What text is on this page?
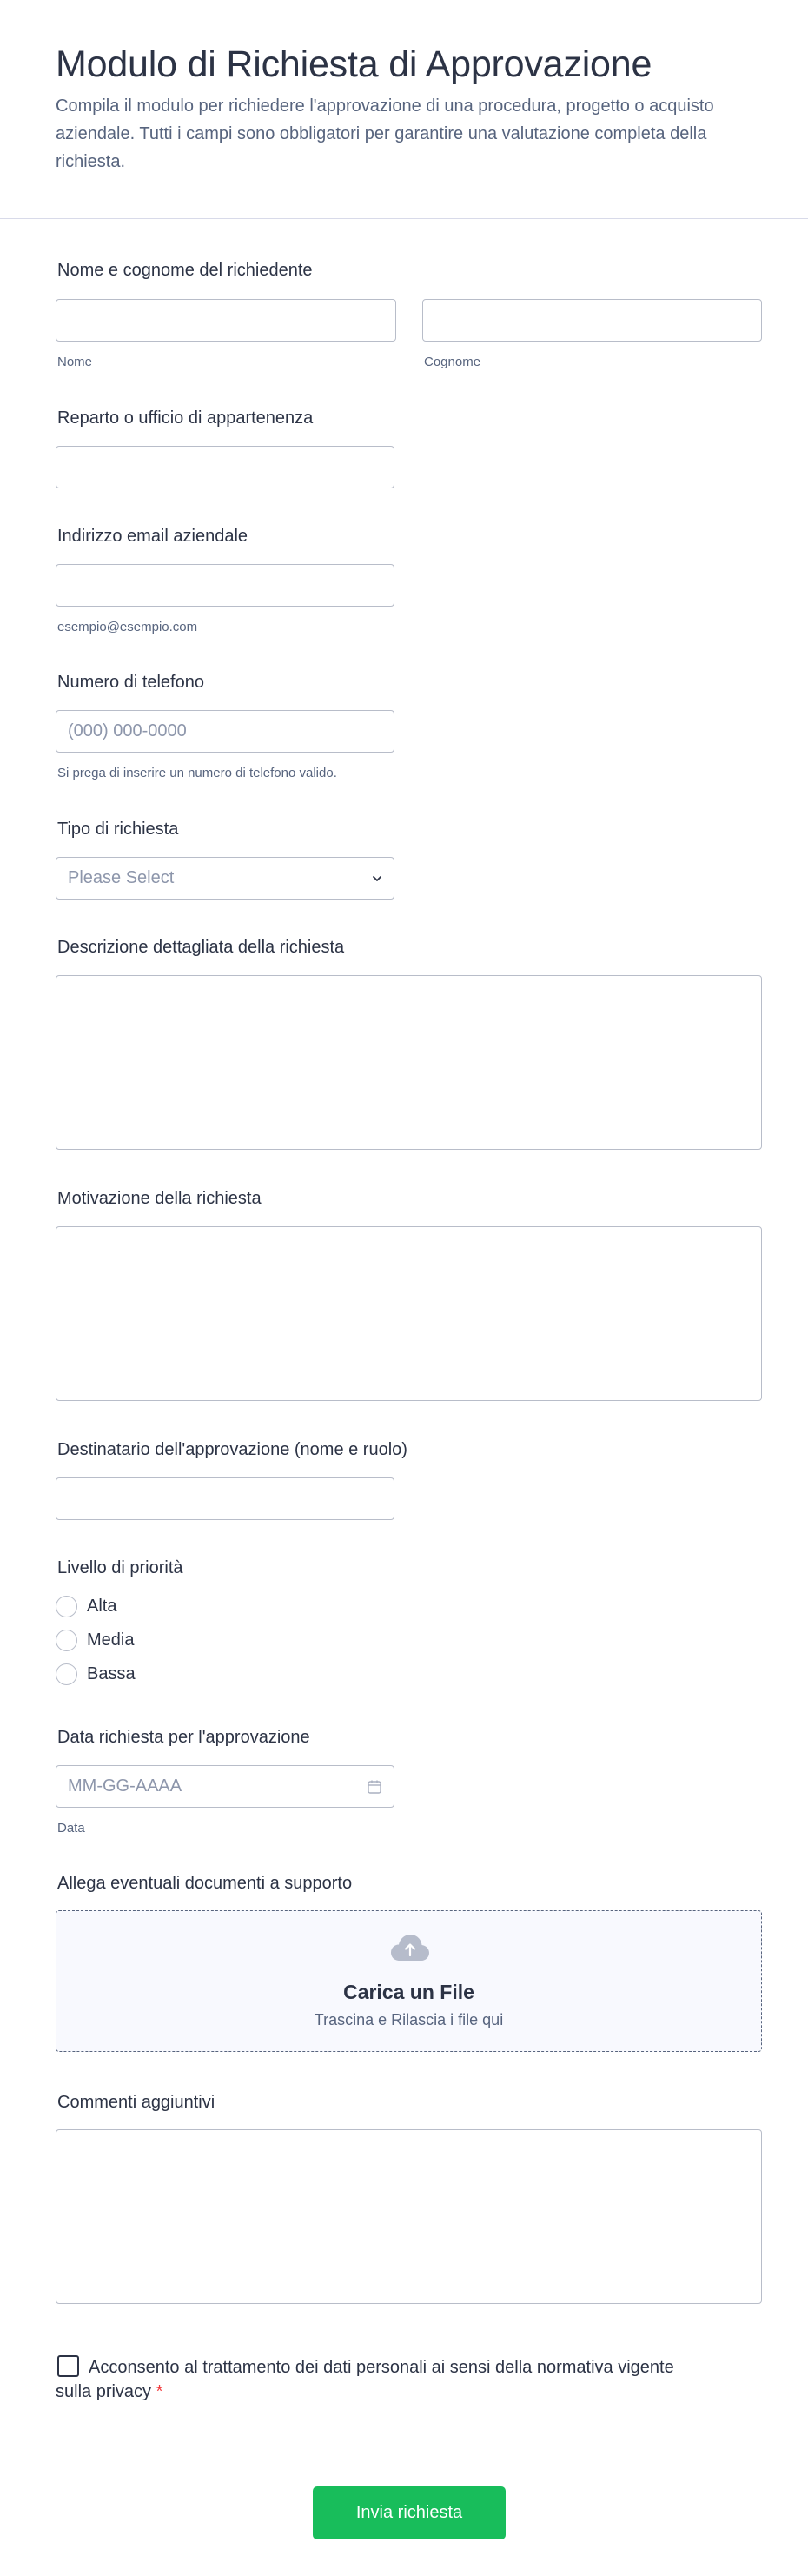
Modulo di Richiesta di Approvazione
Compila il modulo per richiedere l'approvazione di una procedura, progetto o acquisto aziendale. Tutti i campi sono obbligatori per garantire una valutazione completa della richiesta.
Nome e cognome del richiedente
Nome	Cognome
Reparto o ufficio di appartenenza
Indirizzo email aziendale
esempio@esempio.com
Numero di telefono
(000) 000-0000
Si prega di inserire un numero di telefono valido.
Tipo di richiesta
Please Select
Descrizione dettagliata della richiesta
Motivazione della richiesta
Destinatario dell'approvazione (nome e ruolo)
Livello di priorità
Alta
Media
Bassa
Data richiesta per l'approvazione
MM-GG-AAAA
Data
Allega eventuali documenti a supporto
Carica un File
Trascina e Rilascia i file qui
Commenti aggiuntivi
Acconsento al trattamento dei dati personali ai sensi della normativa vigente sulla privacy *
Invia richiesta
